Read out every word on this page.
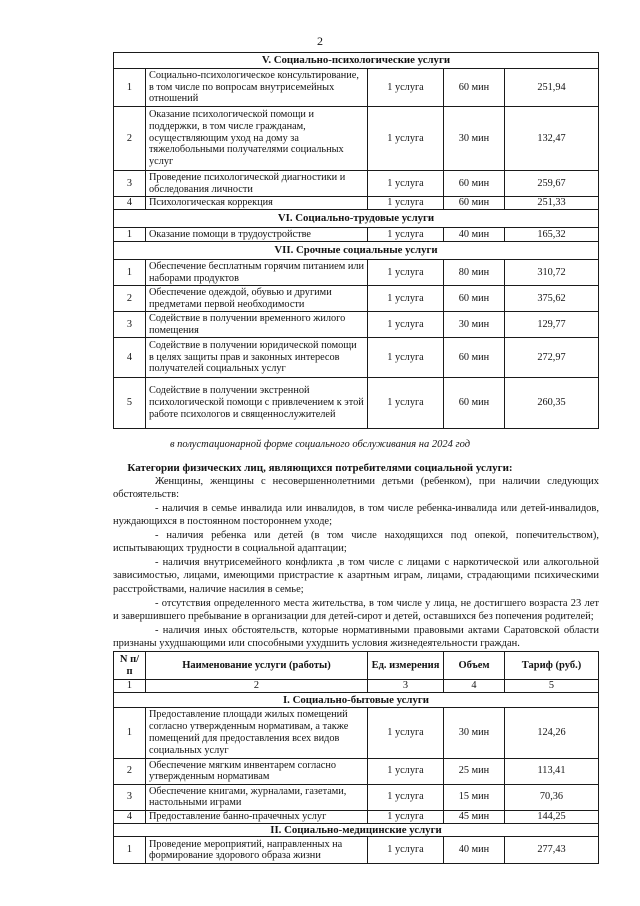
2
V. Социально-психологические услуги				
1	Социально-психологическое консультирование, в том числе по вопросам внутрисемейных отношений	1 услуга	60 мин	251,94
2	Оказание психологической помощи и поддержки, в том числе гражданам, осуществляющим уход на дому за тяжелобольными получателями социальных услуг	1 услуга	30 мин	132,47
3	Проведение психологической диагностики и обследования личности	1 услуга	60 мин	259,67
4	Психологическая коррекция	1 услуга	60 мин	251,33
VI. Социально-трудовые услуги				
1	Оказание помощи в трудоустройстве	1 услуга	40 мин	165,32
VII. Срочные социальные услуги				
1	Обеспечение бесплатным горячим питанием или наборами продуктов	1 услуга	80 мин	310,72
2	Обеспечение одеждой, обувью и другими предметами первой необходимости	1 услуга	60 мин	375,62
3	Содействие в получении временного жилого помещения	1 услуга	30 мин	129,77
4	Содействие в получении юридической помощи в целях защиты прав и законных интересов получателей социальных услуг	1 услуга	60 мин	272,97
5	Содействие в получении экстренной психологической помощи с привлечением к этой работе психологов и священнослужителей	1 услуга	60 мин	260,35
в полустационарной форме социального обслуживания на 2024 год
Категории физических лиц, являющихся потребителями социальной услуги:

Женщины, женщины с несовершеннолетними детьми (ребенком), при наличии следующих обстоятельств:

- наличия в семье инвалида или инвалидов, в том числе ребенка-инвалида или детей-инвалидов, нуждающихся в постоянном постороннем уходе;

- наличия ребенка или детей (в том числе находящихся под опекой, попечительством), испытывающих трудности в социальной адаптации;

- наличия внутрисемейного конфликта ,в том числе с лицами с наркотической или алкогольной зависимостью, лицами, имеющими пристрастие к азартным играм, лицами, страдающими психическими расстройствами, наличие насилия в семье;

- отсутствия определенного места жительства, в том числе у лица, не достигшего возраста 23 лет и завершившего пребывание в организации для детей-сирот и детей, оставшихся без попечения родителей;

- наличия иных обстоятельств, которые нормативными правовыми актами Саратовской области признаны ухудшающими или способными ухудшить условия жизнедеятельности граждан.

N п/п	Наименование услуги (работы)	Ед. измерения	Объем	Тариф (руб.)
1	2	3	4	5
I. Социально-бытовые услуги				
1	Предоставление площади жилых помещений согласно утвержденным нормативам, а также помещений для предоставления всех видов социальных услуг	1 услуга	30 мин	124,26
2	Обеспечение мягким инвентарем согласно утвержденным нормативам	1 услуга	25 мин	113,41
3	Обеспечение книгами, журналами, газетами, настольными играми	1 услуга	15 мин	70,36
4	Предоставление банно-прачечных услуг	1 услуга	45 мин	144,25
II. Социально-медицинские услуги				
1	Проведение мероприятий, направленных на формирование здорового образа жизни	1 услуга	40 мин	277,43
